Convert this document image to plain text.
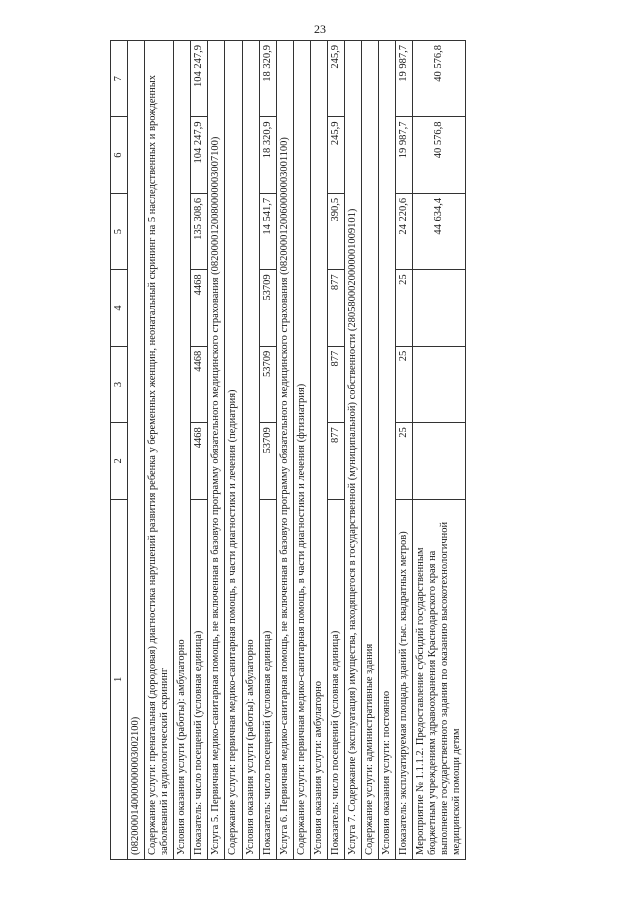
23
1	2	3	4	5	6	7
(0820000140000000003002100)						
Содержание услуги: пренатальная (дородовая) диагностика нарушений развития ребенка у беременных женщин, неонатальный скрининг на 5 наследственных и врожденных заболеваний и аудиологический скрининг						
Условия оказания услуги (работы): амбулаторно						
Показатель: число посещений (условная единица)	4468	4468	4468	135 308,6	104 247,9	104 247,9
Услуга 5. Первичная медико-санитарная помощь, не включенная в базовую программу обязательного медицинского страхования (0820000120080000003007100)						
Содержание услуги: первичная медико-санитарная помощь, в части диагностики и лечения (педиатрия)						
Условия оказания услуги (работы): амбулаторно						
Показатель: число посещений (условная единица)	53709	53709	53709	14 541,7	18 320,9	18 320,9
Услуга 6. Первичная медико-санитарная помощь, не включенная в базовую программу обязательного медицинского страхования (0820000120060000003001100)						
Содержание услуги: первичная медико-санитарная помощь, в части диагностики и лечения (фтизиатрия)						
Условия оказания услуги: амбулаторно						
Показатель: число посещений (условная единица)	877	877	877	390,5	245,9	245,9
Услуга 7. Содержание (эксплуатация) имущества, находящегося в государственной (муниципальной) собственности (2805800020000001009101)						
Содержание услуги: административные здания						
Условия оказания услуги: постоянно						
Показатель: эксплуатируемая площадь зданий (тыс. квадратных метров)	25	25	25	24 220,6	19 987,7	19 987,7
Мероприятие № 1.1.1.2. Предоставление субсидий государственным бюджетным учреждениям здравоохранения Краснодарского края на выполнение государственного задания по оказанию высокотехнологичной медицинской помощи детям				44 634,4	40 576,8	40 576,8
